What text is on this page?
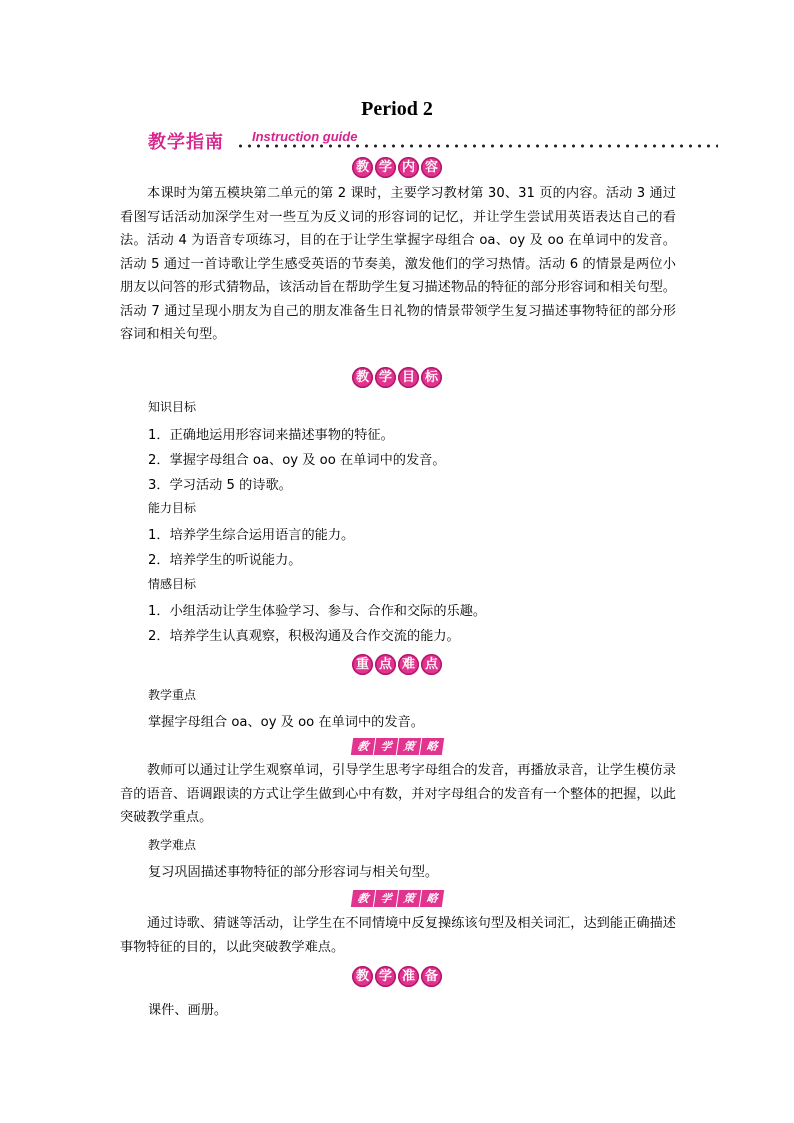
Period 2
教学指南 Instruction guide
教 学 内 容

本课时为第五模块第二单元的第 2 课时，主要学习教材第 30、31 页的内容。活动 3 通过看图写话活动加深学生对一些互为反义词的形容词的记忆，并让学生尝试用英语表达自己的看法。活动 4 为语音专项练习，目的在于让学生掌握字母组合 oa、oy 及 oo 在单词中的发音。活动 5 通过一首诗歌让学生感受英语的节奏美，激发他们的学习热情。活动 6 的情景是两位小朋友以问答的形式猜物品，该活动旨在帮助学生复习描述物品的特征的部分形容词和相关句型。活动 7 通过呈现小朋友为自己的朋友准备生日礼物的情景带领学生复习描述事物特征的部分形容词和相关句型。

教 学 目 标
知识目标
1．正确地运用形容词来描述事物的特征。
2．掌握字母组合 oa、oy 及 oo 在单词中的发音。
3．学习活动 5 的诗歌。
能力目标
1．培养学生综合运用语言的能力。
2．培养学生的听说能力。
情感目标
1．小组活动让学生体验学习、参与、合作和交际的乐趣。
2．培养学生认真观察，积极沟通及合作交流的能力。
重 点 难 点
教学重点
掌握字母组合 oa、oy 及 oo 在单词中的发音。
教 学 策 略

教师可以通过让学生观察单词，引导学生思考字母组合的发音，再播放录音，让学生模仿录音的语音、语调跟读的方式让学生做到心中有数，并对字母组合的发音有一个整体的把握，以此突破教学重点。

教学难点
复习巩固描述事物特征的部分形容词与相关句型。
教 学 策 略

通过诗歌、猜谜等活动，让学生在不同情境中反复操练该句型及相关词汇，达到能正确描述事物特征的目的，以此突破教学难点。

教 学 准 备
课件、画册。
